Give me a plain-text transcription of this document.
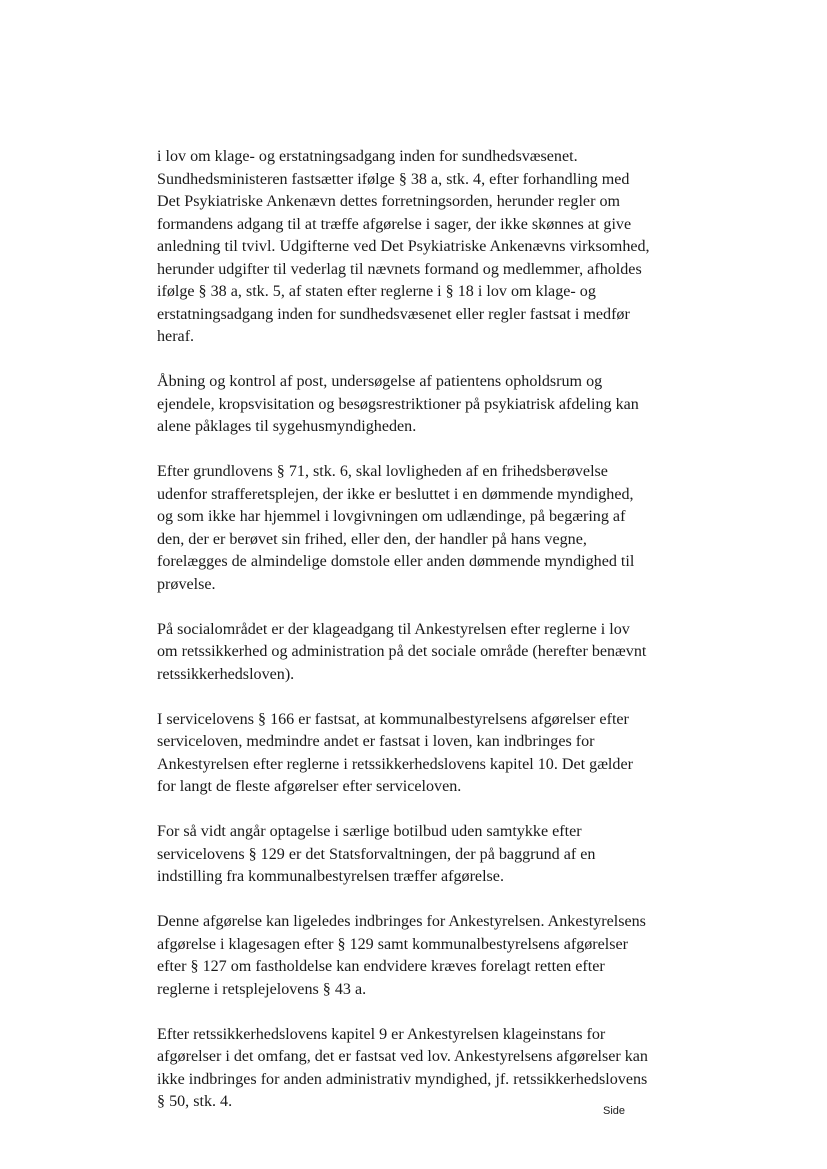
i lov om klage- og erstatningsadgang inden for sundhedsvæsenet.
Sundhedsministeren fastsætter ifølge § 38 a, stk. 4, efter forhandling med
Det Psykiatriske Ankenævn dettes forretningsorden, herunder regler om
formandens adgang til at træffe afgørelse i sager, der ikke skønnes at give
anledning til tvivl. Udgifterne ved Det Psykiatriske Ankenævns virksomhed,
herunder udgifter til vederlag til nævnets formand og medlemmer, afholdes
ifølge § 38 a, stk. 5, af staten efter reglerne i § 18 i lov om klage- og
erstatningsadgang inden for sundhedsvæsenet eller regler fastsat i medfør
heraf.

Åbning og kontrol af post, undersøgelse af patientens opholdsrum og
ejendele, kropsvisitation og besøgsrestriktioner på psykiatrisk afdeling kan
alene påklages til sygehusmyndigheden.

Efter grundlovens § 71, stk. 6, skal lovligheden af en frihedsberøvelse
udenfor strafferetsplejen, der ikke er besluttet i en dømmende myndighed,
og som ikke har hjemmel i lovgivningen om udlændinge, på begæring af
den, der er berøvet sin frihed, eller den, der handler på hans vegne,
forelægges de almindelige domstole eller anden dømmende myndighed til
prøvelse.

På socialområdet er der klageadgang til Ankestyrelsen efter reglerne i lov
om retssikkerhed og administration på det sociale område (herefter benævnt
retssikkerhedsloven).

I servicelovens § 166 er fastsat, at kommunalbestyrelsens afgørelser efter
serviceloven, medmindre andet er fastsat i loven, kan indbringes for
Ankestyrelsen efter reglerne i retssikkerhedslovens kapitel 10. Det gælder
for langt de fleste afgørelser efter serviceloven.

For så vidt angår optagelse i særlige botilbud uden samtykke efter
servicelovens § 129 er det Statsforvaltningen, der på baggrund af en
indstilling fra kommunalbestyrelsen træffer afgørelse.

Denne afgørelse kan ligeledes indbringes for Ankestyrelsen. Ankestyrelsens
afgørelse i klagesagen efter § 129 samt kommunalbestyrelsens afgørelser
efter § 127 om fastholdelse kan endvidere kræves forelagt retten efter
reglerne i retsplejelovens § 43 a.

Efter retssikkerhedslovens kapitel 9 er Ankestyrelsen klageinstans for
afgørelser i det omfang, det er fastsat ved lov. Ankestyrelsens afgørelser kan
ikke indbringes for anden administrativ myndighed, jf. retssikkerhedslovens
§ 50, stk. 4.

Side
